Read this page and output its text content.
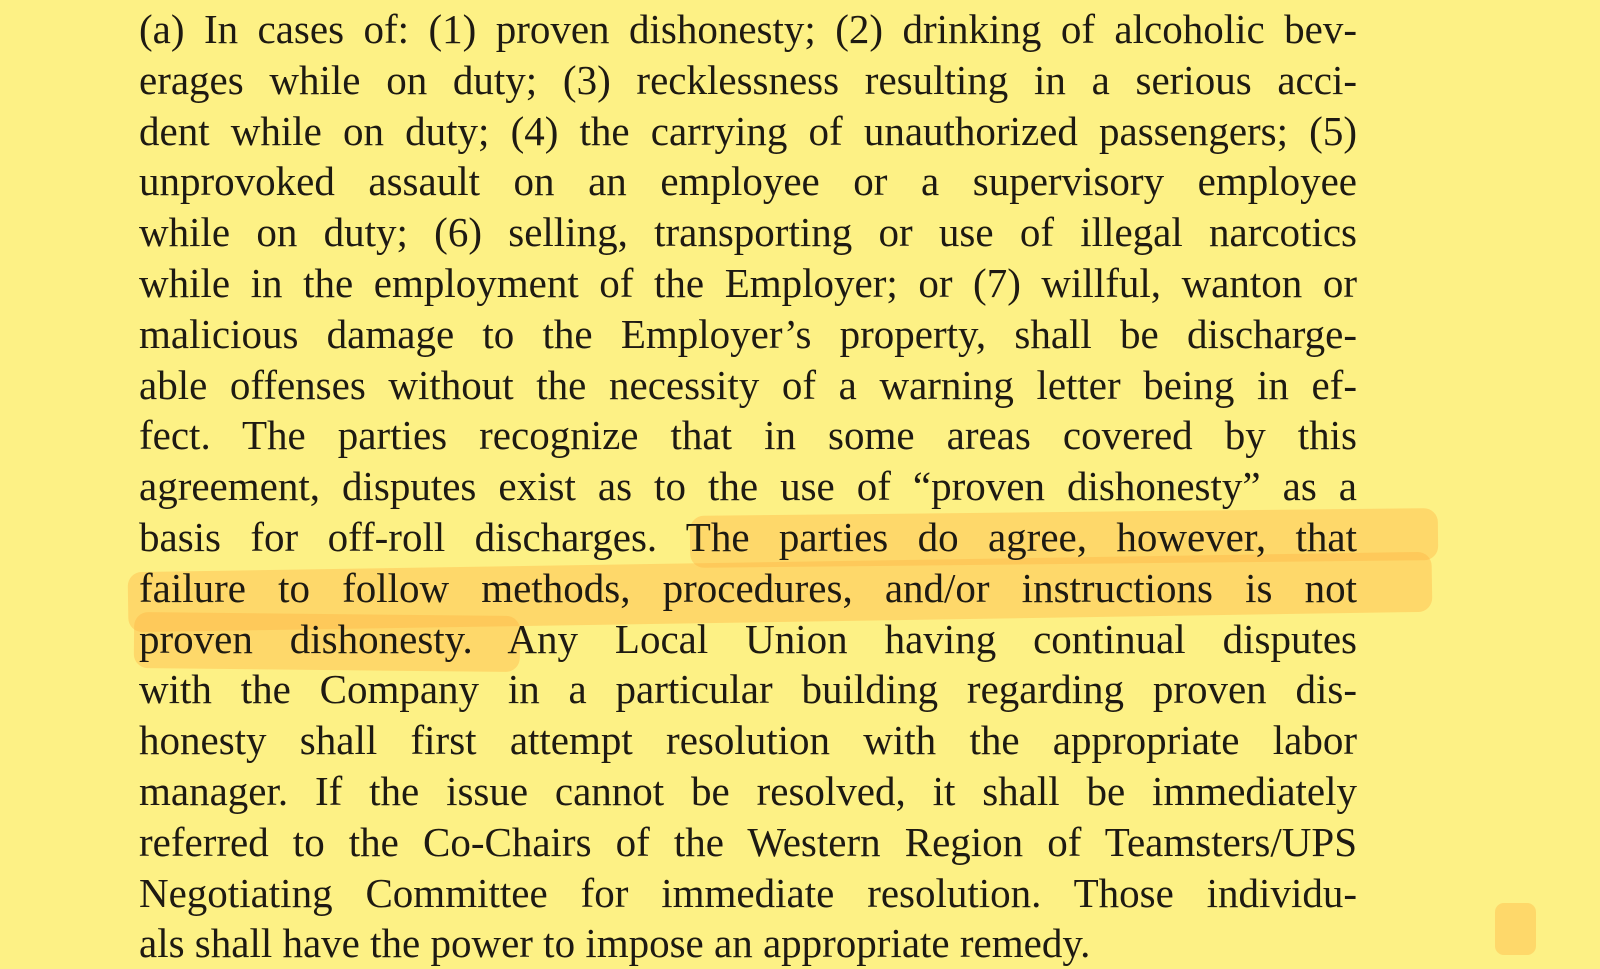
(a) In cases of: (1) proven dishonesty; (2) drinking of alcoholic bev-
erages while on duty; (3) recklessness resulting in a serious acci-
dent while on duty; (4) the carrying of unauthorized passengers; (5)
unprovoked assault on an employee or a supervisory employee
while on duty; (6) selling, transporting or use of illegal narcotics
while in the employment of the Employer; or (7) willful, wanton or
malicious damage to the Employer’s property, shall be discharge-
able offenses without the necessity of a warning letter being in ef-
fect. The parties recognize that in some areas covered by this
agreement, disputes exist as to the use of “proven dishonesty” as a
basis for off-roll discharges. The parties do agree, however, that
failure to follow methods, procedures, and/or instructions is not
proven dishonesty. Any Local Union having continual disputes
with the Company in a particular building regarding proven dis-
honesty shall first attempt resolution with the appropriate labor
manager. If the issue cannot be resolved, it shall be immediately
referred to the Co-Chairs of the Western Region of Teamsters/UPS
Negotiating Committee for immediate resolution. Those individu-
als shall have the power to impose an appropriate remedy.
